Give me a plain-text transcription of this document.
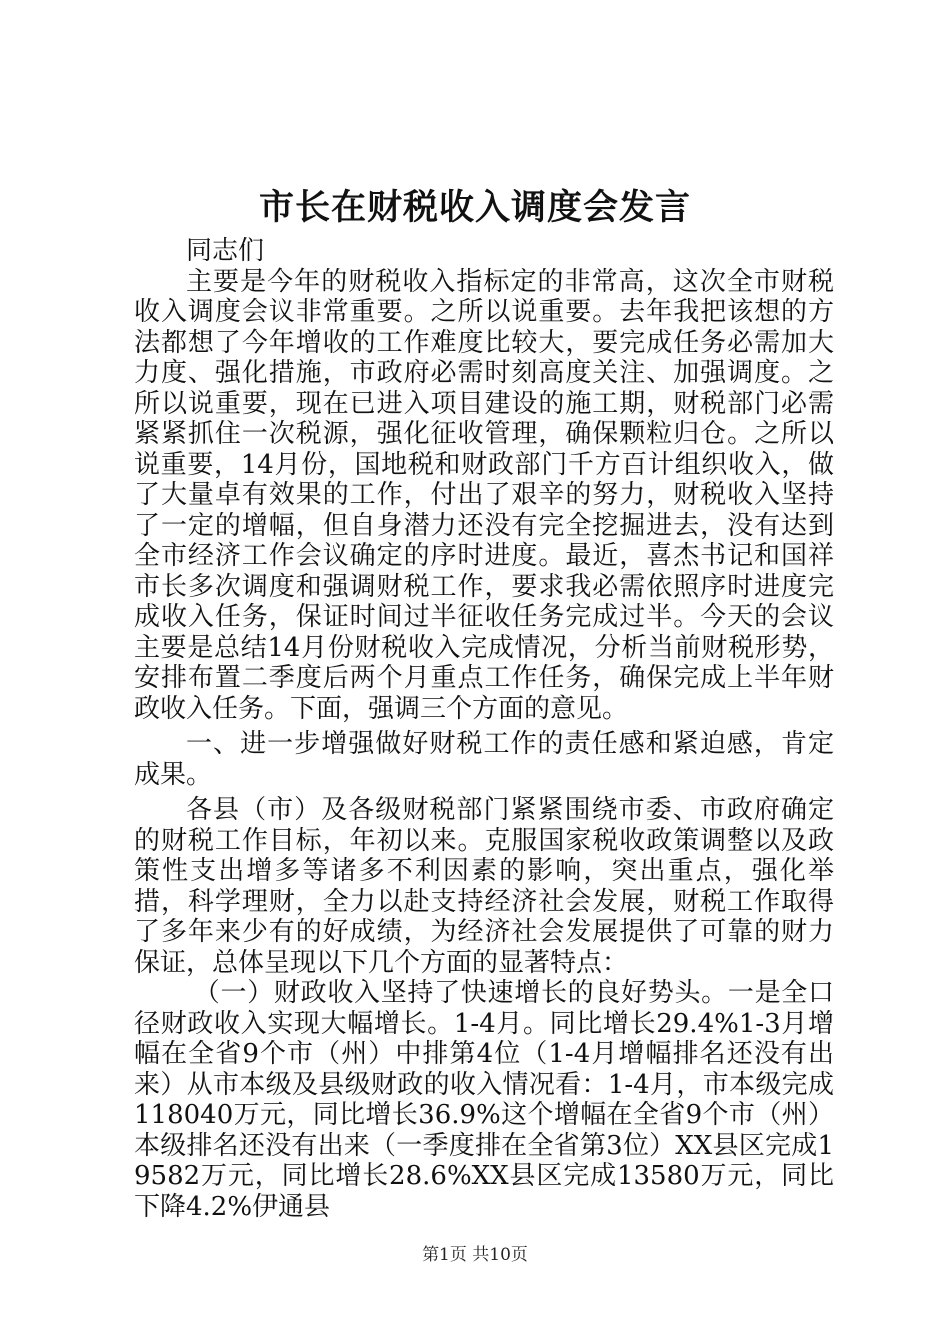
市长在财税收入调度会发言

同志们

主要是今年的财税收入指标定的非常高，这次全市财税收入调度会议非常重要。之所以说重要。去年我把该想的方法都想了今年增收的工作难度比较大，要完成任务必需加大力度、强化措施，市政府必需时刻高度关注、加强调度。之所以说重要，现在已进入项目建设的施工期，财税部门必需紧紧抓住一次税源，强化征收管理，确保颗粒归仓。之所以说重要，14月份，国地税和财政部门千方百计组织收入，做了大量卓有效果的工作，付出了艰辛的努力，财税收入坚持了一定的增幅，但自身潜力还没有完全挖掘进去，没有达到全市经济工作会议确定的序时进度。最近，喜杰书记和国祥市长多次调度和强调财税工作，要求我必需依照序时进度完成收入任务，保证时间过半征收任务完成过半。今天的会议主要是总结14月份财税收入完成情况，分析当前财税形势，安排布置二季度后两个月重点工作任务，确保完成上半年财政收入任务。下面，强调三个方面的意见。

一、进一步增强做好财税工作的责任感和紧迫感，肯定成果。

各县（市）及各级财税部门紧紧围绕市委、市政府确定的财税工作目标，年初以来。克服国家税收政策调整以及政策性支出增多等诸多不利因素的影响，突出重点，强化举措，科学理财，全力以赴支持经济社会发展，财税工作取得了多年来少有的好成绩，为经济社会发展提供了可靠的财力保证，总体呈现以下几个方面的显著特点：

（一）财政收入坚持了快速增长的良好势头。一是全口径财政收入实现大幅增长。1-4月。同比增长29.4%1-3月增幅在全省9个市（州）中排第4位（1-4月增幅排名还没有出来）从市本级及县级财政的收入情况看：1-4月，市本级完成118040万元，同比增长36.9%这个增幅在全省9个市（州）本级排名还没有出来（一季度排在全省第3位）XX县区完成19582万元，同比增长28.6%XX县区完成13580万元，同比下降4.2%伊通县

第1页 共10页
